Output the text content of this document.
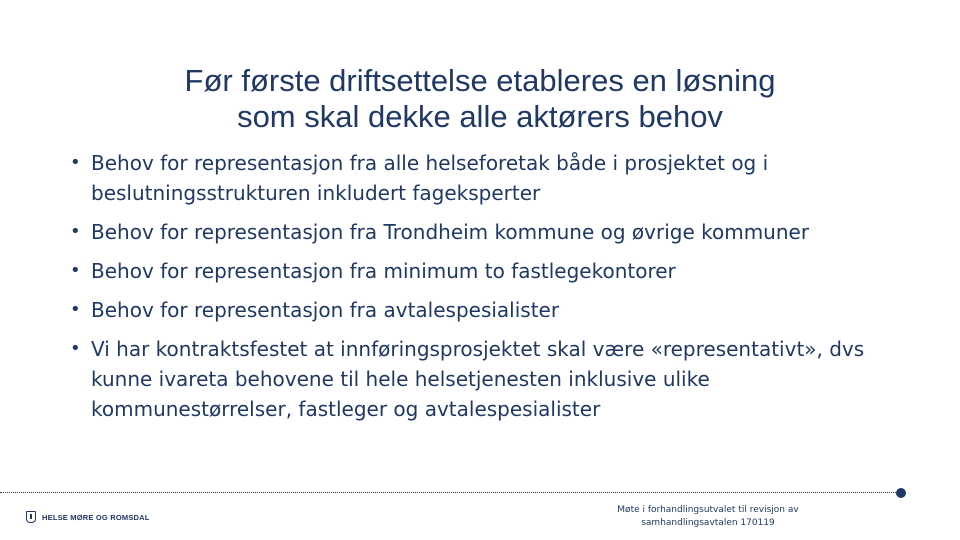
Før første driftsettelse etableres en løsning
som skal dekke alle aktørers behov
• Behov for representasjon fra alle helseforetak både i prosjektet og i beslutningsstrukturen inkludert fageksperter
• Behov for representasjon fra Trondheim kommune og øvrige kommuner
• Behov for representasjon fra minimum to fastlegekontorer
• Behov for representasjon fra avtalespesialister
• Vi har kontraktsfestet at innføringsprosjektet skal være «representativt», dvs kunne ivareta behovene til hele helsetjenesten inklusive ulike kommunestørrelser, fastleger og avtalespesialister
HELSE MØRE OG ROMSDAL
Møte i forhandlingsutvalet til revisjon av
samhandlingsavtalen 170119
